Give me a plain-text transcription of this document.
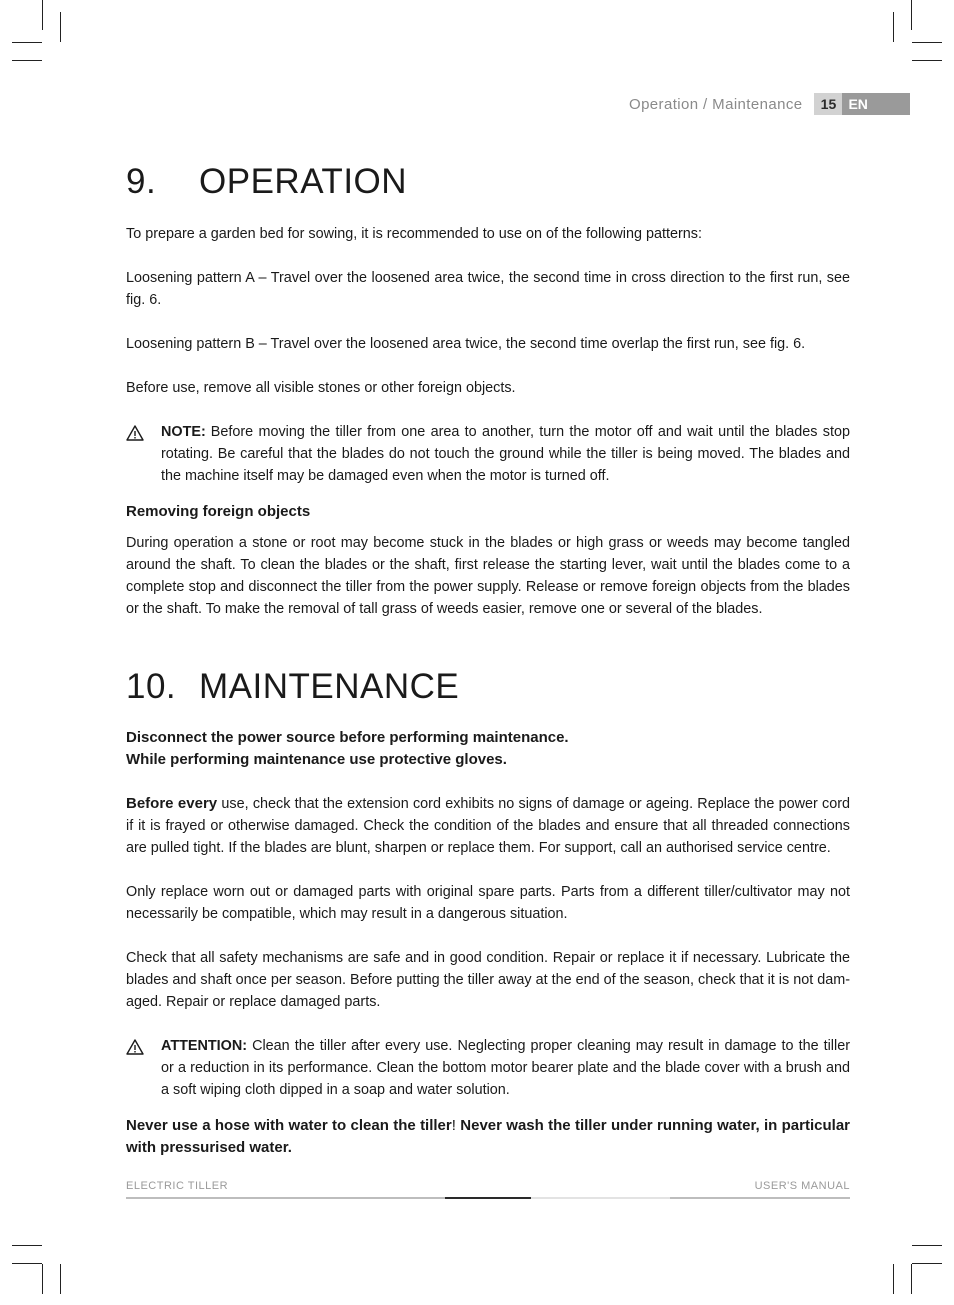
Operation / Maintenance	15 EN
9. OPERATION

To prepare a garden bed for sowing, it is recommended to use on of the following patterns:

Loosening pattern A – Travel over the loosened area twice, the second time in cross direction to the first run, see fig. 6.

Loosening pattern B – Travel over the loosened area twice, the second time overlap the first run, see fig. 6.

Before use, remove all visible stones or other foreign objects.

NOTE: Before moving the tiller from one area to another, turn the motor off and wait until the blades stop rotating. Be careful that the blades do not touch the ground while the tiller is being moved. The blades and the machine itself may be damaged even when the motor is turned off.

Removing foreign objects

During operation a stone or root may become stuck in the blades or high grass or weeds may become tangled around the shaft. To clean the blades or the shaft, first release the starting lever, wait until the blades come to a complete stop and disconnect the tiller from the power supply. Release or remove foreign objects from the blades or the shaft. To make the removal of tall grass of weeds easier, remove one or several of the blades.

10. MAINTENANCE

Disconnect the power source before performing maintenance.

While performing maintenance use protective gloves.

Before every use, check that the extension cord exhibits no signs of damage or ageing. Replace the power cord if it is frayed or otherwise damaged. Check the condition of the blades and ensure that all threaded connections are pulled tight. If the blades are blunt, sharpen or replace them. For support, call an authorised service centre.

Only replace worn out or damaged parts with original spare parts. Parts from a different tiller/cultivator may not necessarily be compatible, which may result in a dangerous situation.

Check that all safety mechanisms are safe and in good condition. Repair or replace it if necessary. Lubricate the blades and shaft once per season. Before putting the tiller away at the end of the season, check that it is not dam-aged. Repair or replace damaged parts.

ATTENTION: Clean the tiller after every use. Neglecting proper cleaning may result in damage to the tiller or a reduction in its performance. Clean the bottom motor bearer plate and the blade cover with a brush and a soft wiping cloth dipped in a soap and water solution.

Never use a hose with water to clean the tiller! Never wash the tiller under running water, in particular with pressurised water.

ELECTRIC TILLER	USER'S MANUAL
